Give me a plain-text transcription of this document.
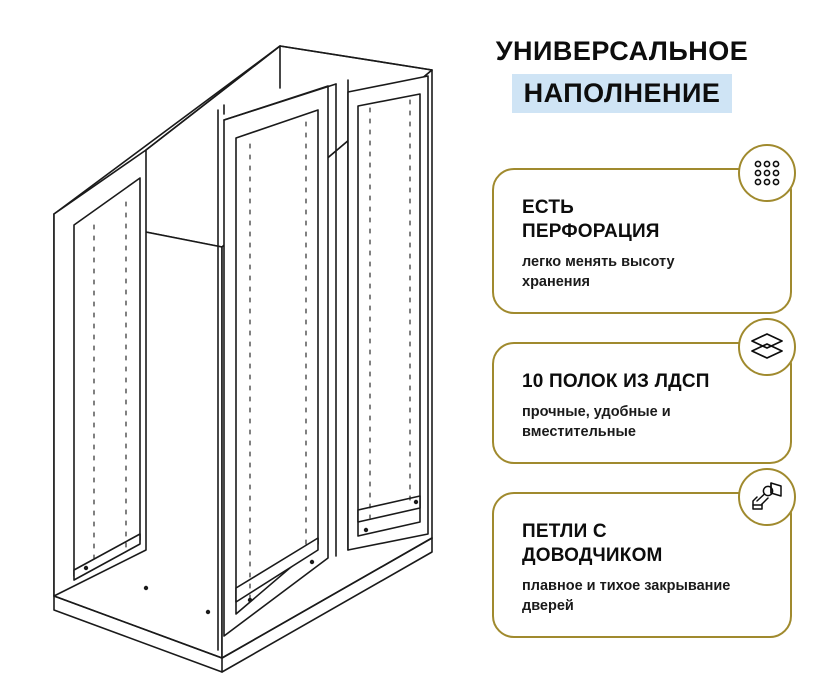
УНИВЕРСАЛЬНОЕ
НАПОЛНЕНИЕ
ЕСТЬ ПЕРФОРАЦИЯ
легко менять высоту хранения
10 ПОЛОК ИЗ ЛДСП
прочные, удобные и вместительные
ПЕТЛИ С ДОВОДЧИКОМ
плавное и тихое закрывание дверей
